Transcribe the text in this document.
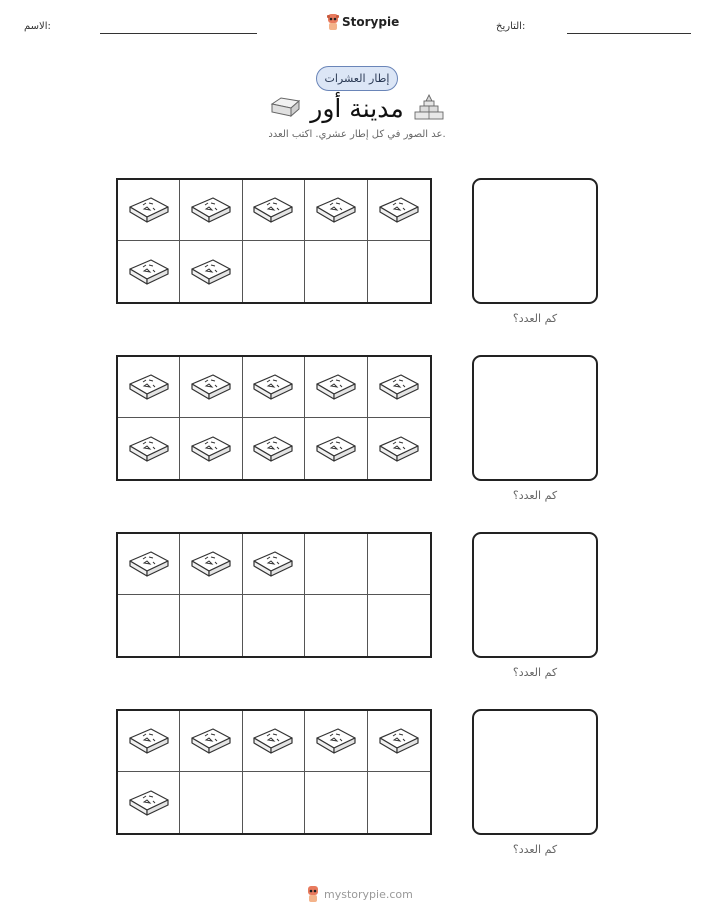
الاسم:	Storypie	التاريخ:
إطار العشرات
مدينة أور
عد الصور في كل إطار عشري. اكتب العدد.
كم العدد؟
كم العدد؟
كم العدد؟
كم العدد؟
mystorypie.com
